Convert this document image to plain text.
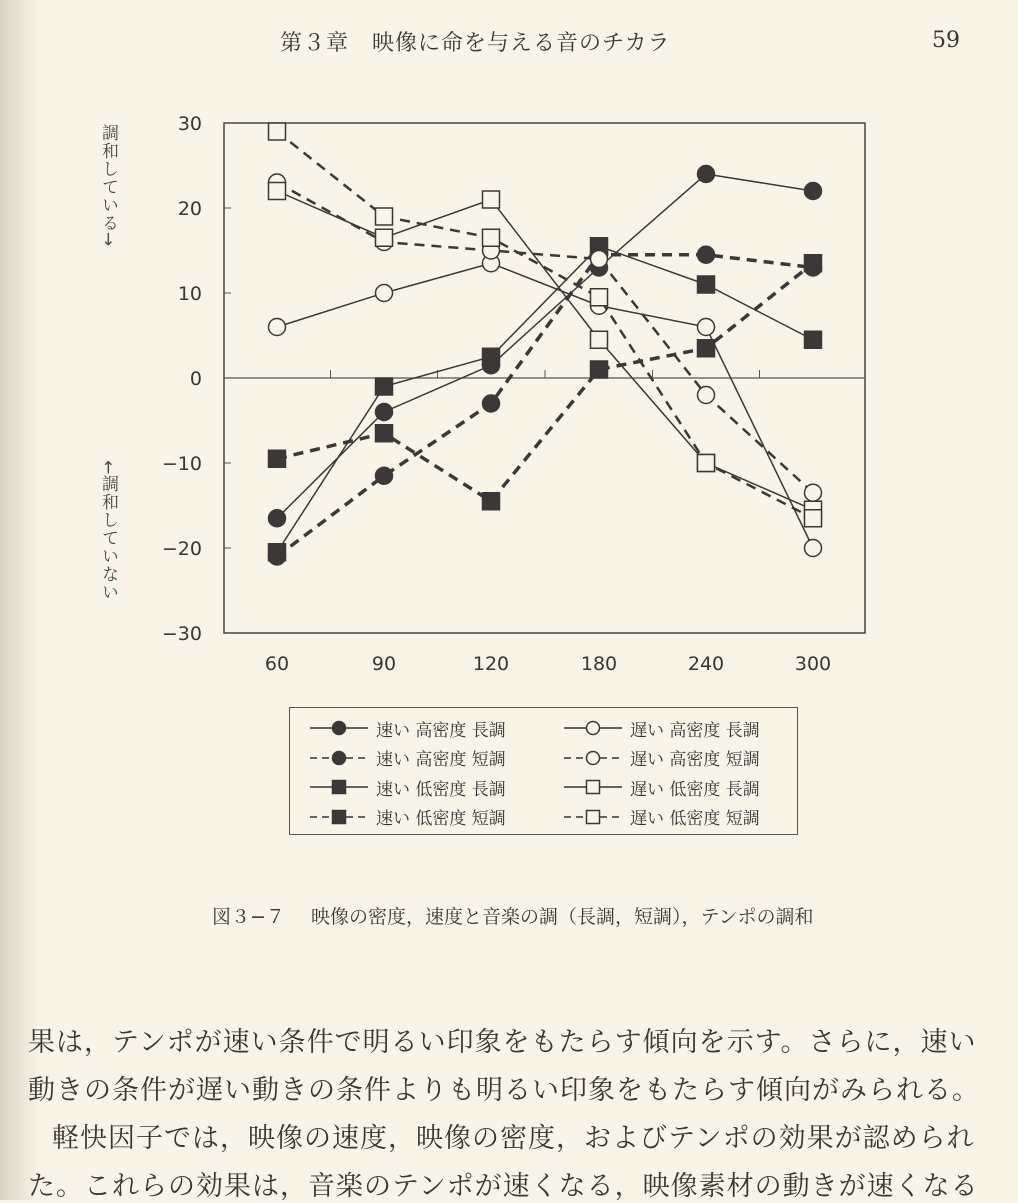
第３章　映像に命を与える音のチカラ	59
調和している→
←調和していない
30
20
10
0
−10
−20
−30
60	90	120	180	240	300
速い 高密度 長調
速い 高密度 短調
速い 低密度 長調
速い 低密度 短調
遅い 高密度 長調
遅い 高密度 短調
遅い 低密度 長調
遅い 低密度 短調
図３−７ 映像の密度，速度と音楽の調（長調，短調），テンポの調和
果は，テンポが速い条件で明るい印象をもたらす傾向を示す。さらに，速い
動きの条件が遅い動きの条件よりも明るい印象をもたらす傾向がみられる。
軽快因子では，映像の速度，映像の密度，およびテンポの効果が認められ
た。これらの効果は，音楽のテンポが速くなる，映像素材の動きが速くなる
